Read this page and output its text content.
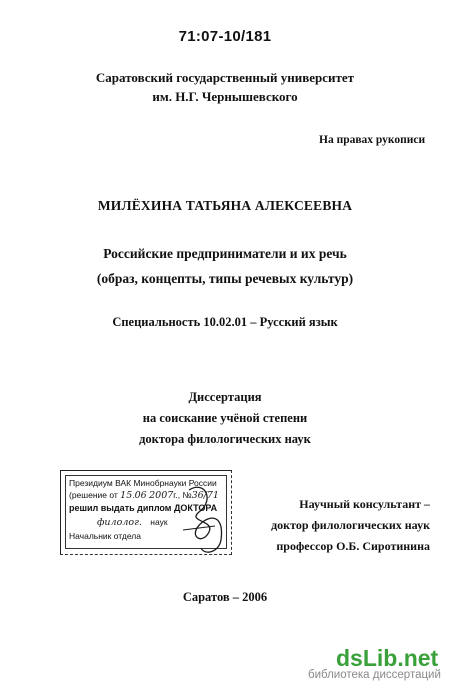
71:07-10/181
Саратовский государственный университет
им. Н.Г. Чернышевского
На правах рукописи
МИЛЁХИНА ТАТЬЯНА АЛЕКСЕЕВНА
Российские предприниматели и их речь
(образ, концепты, типы речевых культур)
Специальность 10.02.01 – Русский язык
Диссертация
на соискание учёной степени
доктора филологических наук
Президиум ВАК Минобрнауки России
(решение от 15.06 2007г., №36/71
решил выдать диплом ДОКТОРА
филолог. наук
Начальник отдела
Научный консультант –
доктор филологических наук
профессор О.Б. Сиротинина
Саратов – 2006
dsLib.net
библиотека диссертаций
